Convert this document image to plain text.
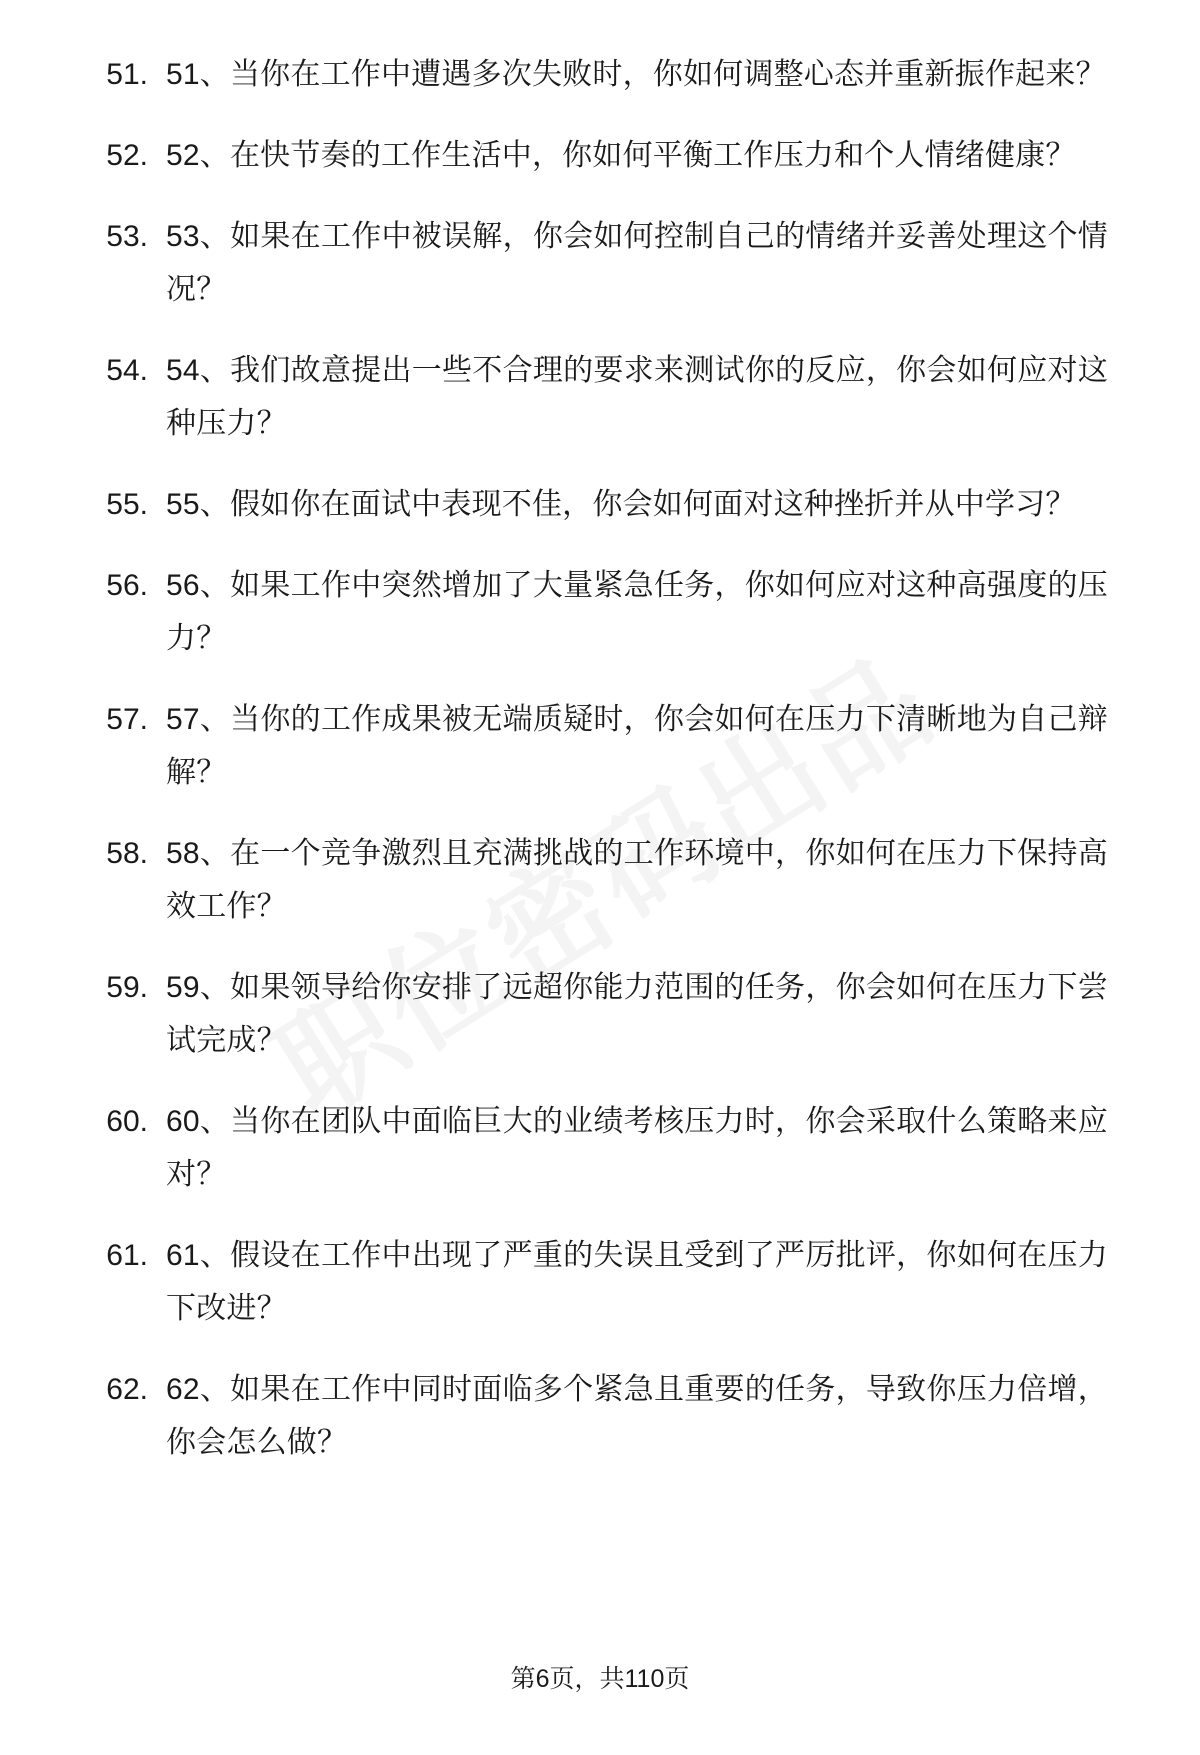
51. 51、当你在工作中遭遇多次失败时，你如何调整心态并重新振作起来？
52. 52、在快节奏的工作生活中，你如何平衡工作压力和个人情绪健康？
53. 53、如果在工作中被误解，你会如何控制自己的情绪并妥善处理这个情况？
54. 54、我们故意提出一些不合理的要求来测试你的反应，你会如何应对这种压力？
55. 55、假如你在面试中表现不佳，你会如何面对这种挫折并从中学习？
56. 56、如果工作中突然增加了大量紧急任务，你如何应对这种高强度的压力？
57. 57、当你的工作成果被无端质疑时，你会如何在压力下清晰地为自己辩解？
58. 58、在一个竞争激烈且充满挑战的工作环境中，你如何在压力下保持高效工作？
59. 59、如果领导给你安排了远超你能力范围的任务，你会如何在压力下尝试完成？
60. 60、当你在团队中面临巨大的业绩考核压力时，你会采取什么策略来应对？
61. 61、假设在工作中出现了严重的失误且受到了严厉批评，你如何在压力下改进？
62. 62、如果在工作中同时面临多个紧急且重要的任务，导致你压力倍增，你会怎么做？
第6页，共110页
